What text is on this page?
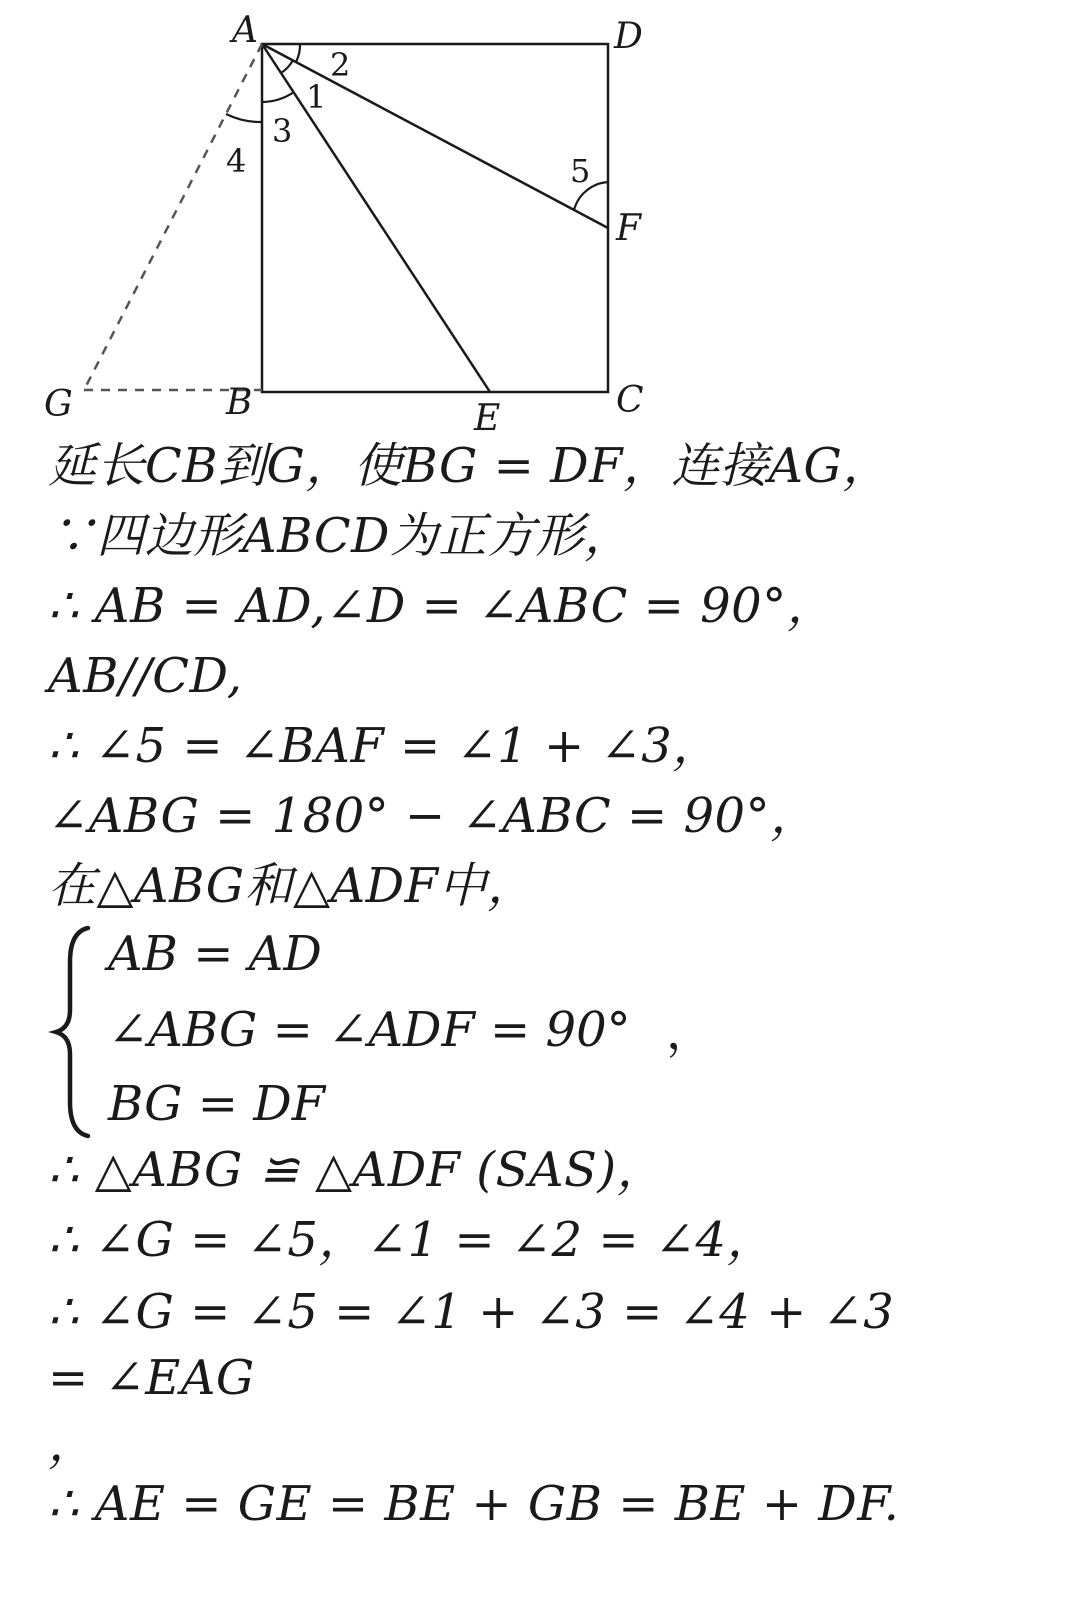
A	D
F
G	B	C
E
2
1
3
4	5
延长CB到G，使BG = DF，连接AG，
∵四边形ABCD为正方形，
∴ AB = AD,∠D = ∠ABC = 90°，
AB//CD,
∴ ∠5 = ∠BAF = ∠1 + ∠3，
∠ABG = 180° − ∠ABC = 90°，
在△ABG和△ADF中，
AB = AD
∠ABG = ∠ADF = 90°
BG = DF
，
∴ △ABG ≌ △ADF (SAS)，
∴ ∠G = ∠5，∠1 = ∠2 = ∠4，
∴ ∠G = ∠5 = ∠1 + ∠3 = ∠4 + ∠3
= ∠EAG
，
∴ AE = GE = BE + GB = BE + DF.
